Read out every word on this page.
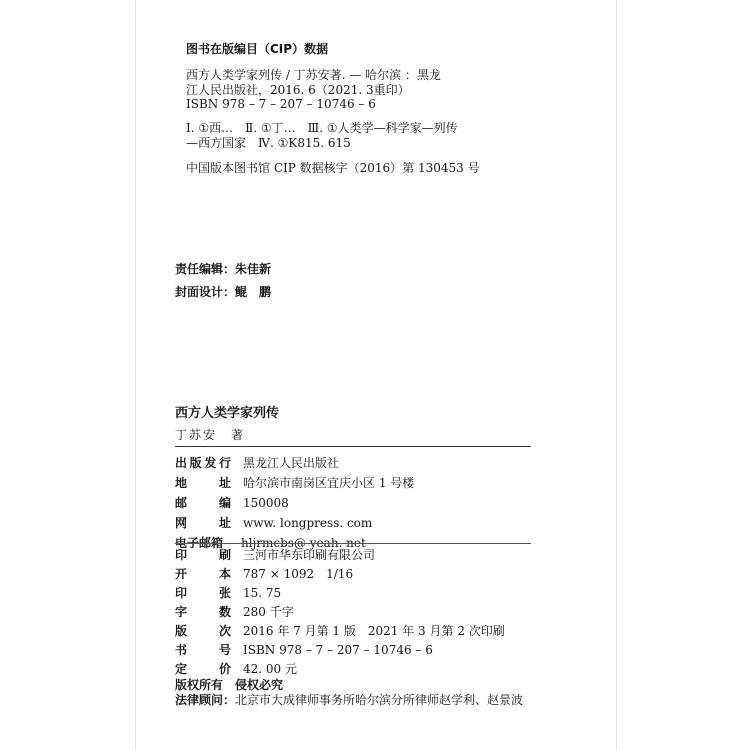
图书在版编目（CIP）数据
西方人类学家列传 / 丁苏安著. — 哈尔滨 ：黑龙
江人民出版社，2016. 6（2021. 3重印）
ISBN 978 – 7 – 207 – 10746 – 6
Ⅰ. ①西…　Ⅱ. ①丁…　Ⅲ. ①人类学—科学家—列传
—西方国家　Ⅳ. ①K815. 615
中国版本图书馆 CIP 数据核字（2016）第 130453 号
责任编辑：朱佳新
封面设计：鲲　鹏
西方人类学家列传
丁苏安　著
出 版 发 行 黑龙江人民出版社
地	址 哈尔滨市南岗区宜庆小区 1 号楼
邮	编 150008
网	址 www. longpress. com
电子邮箱	hljrmcbs@ yeah. net
印	刷 三河市华东印刷有限公司
开	本 787 × 1092　1/16
印	张 15. 75
字	数 280 千字
版	次 2016 年 7 月第 1 版　2021 年 3 月第 2 次印刷
书	号 ISBN 978 – 7 – 207 – 10746 – 6
定	价 42. 00 元
版权所有　侵权必究
法律顾问：北京市大成律师事务所哈尔滨分所律师赵学利、赵景波
